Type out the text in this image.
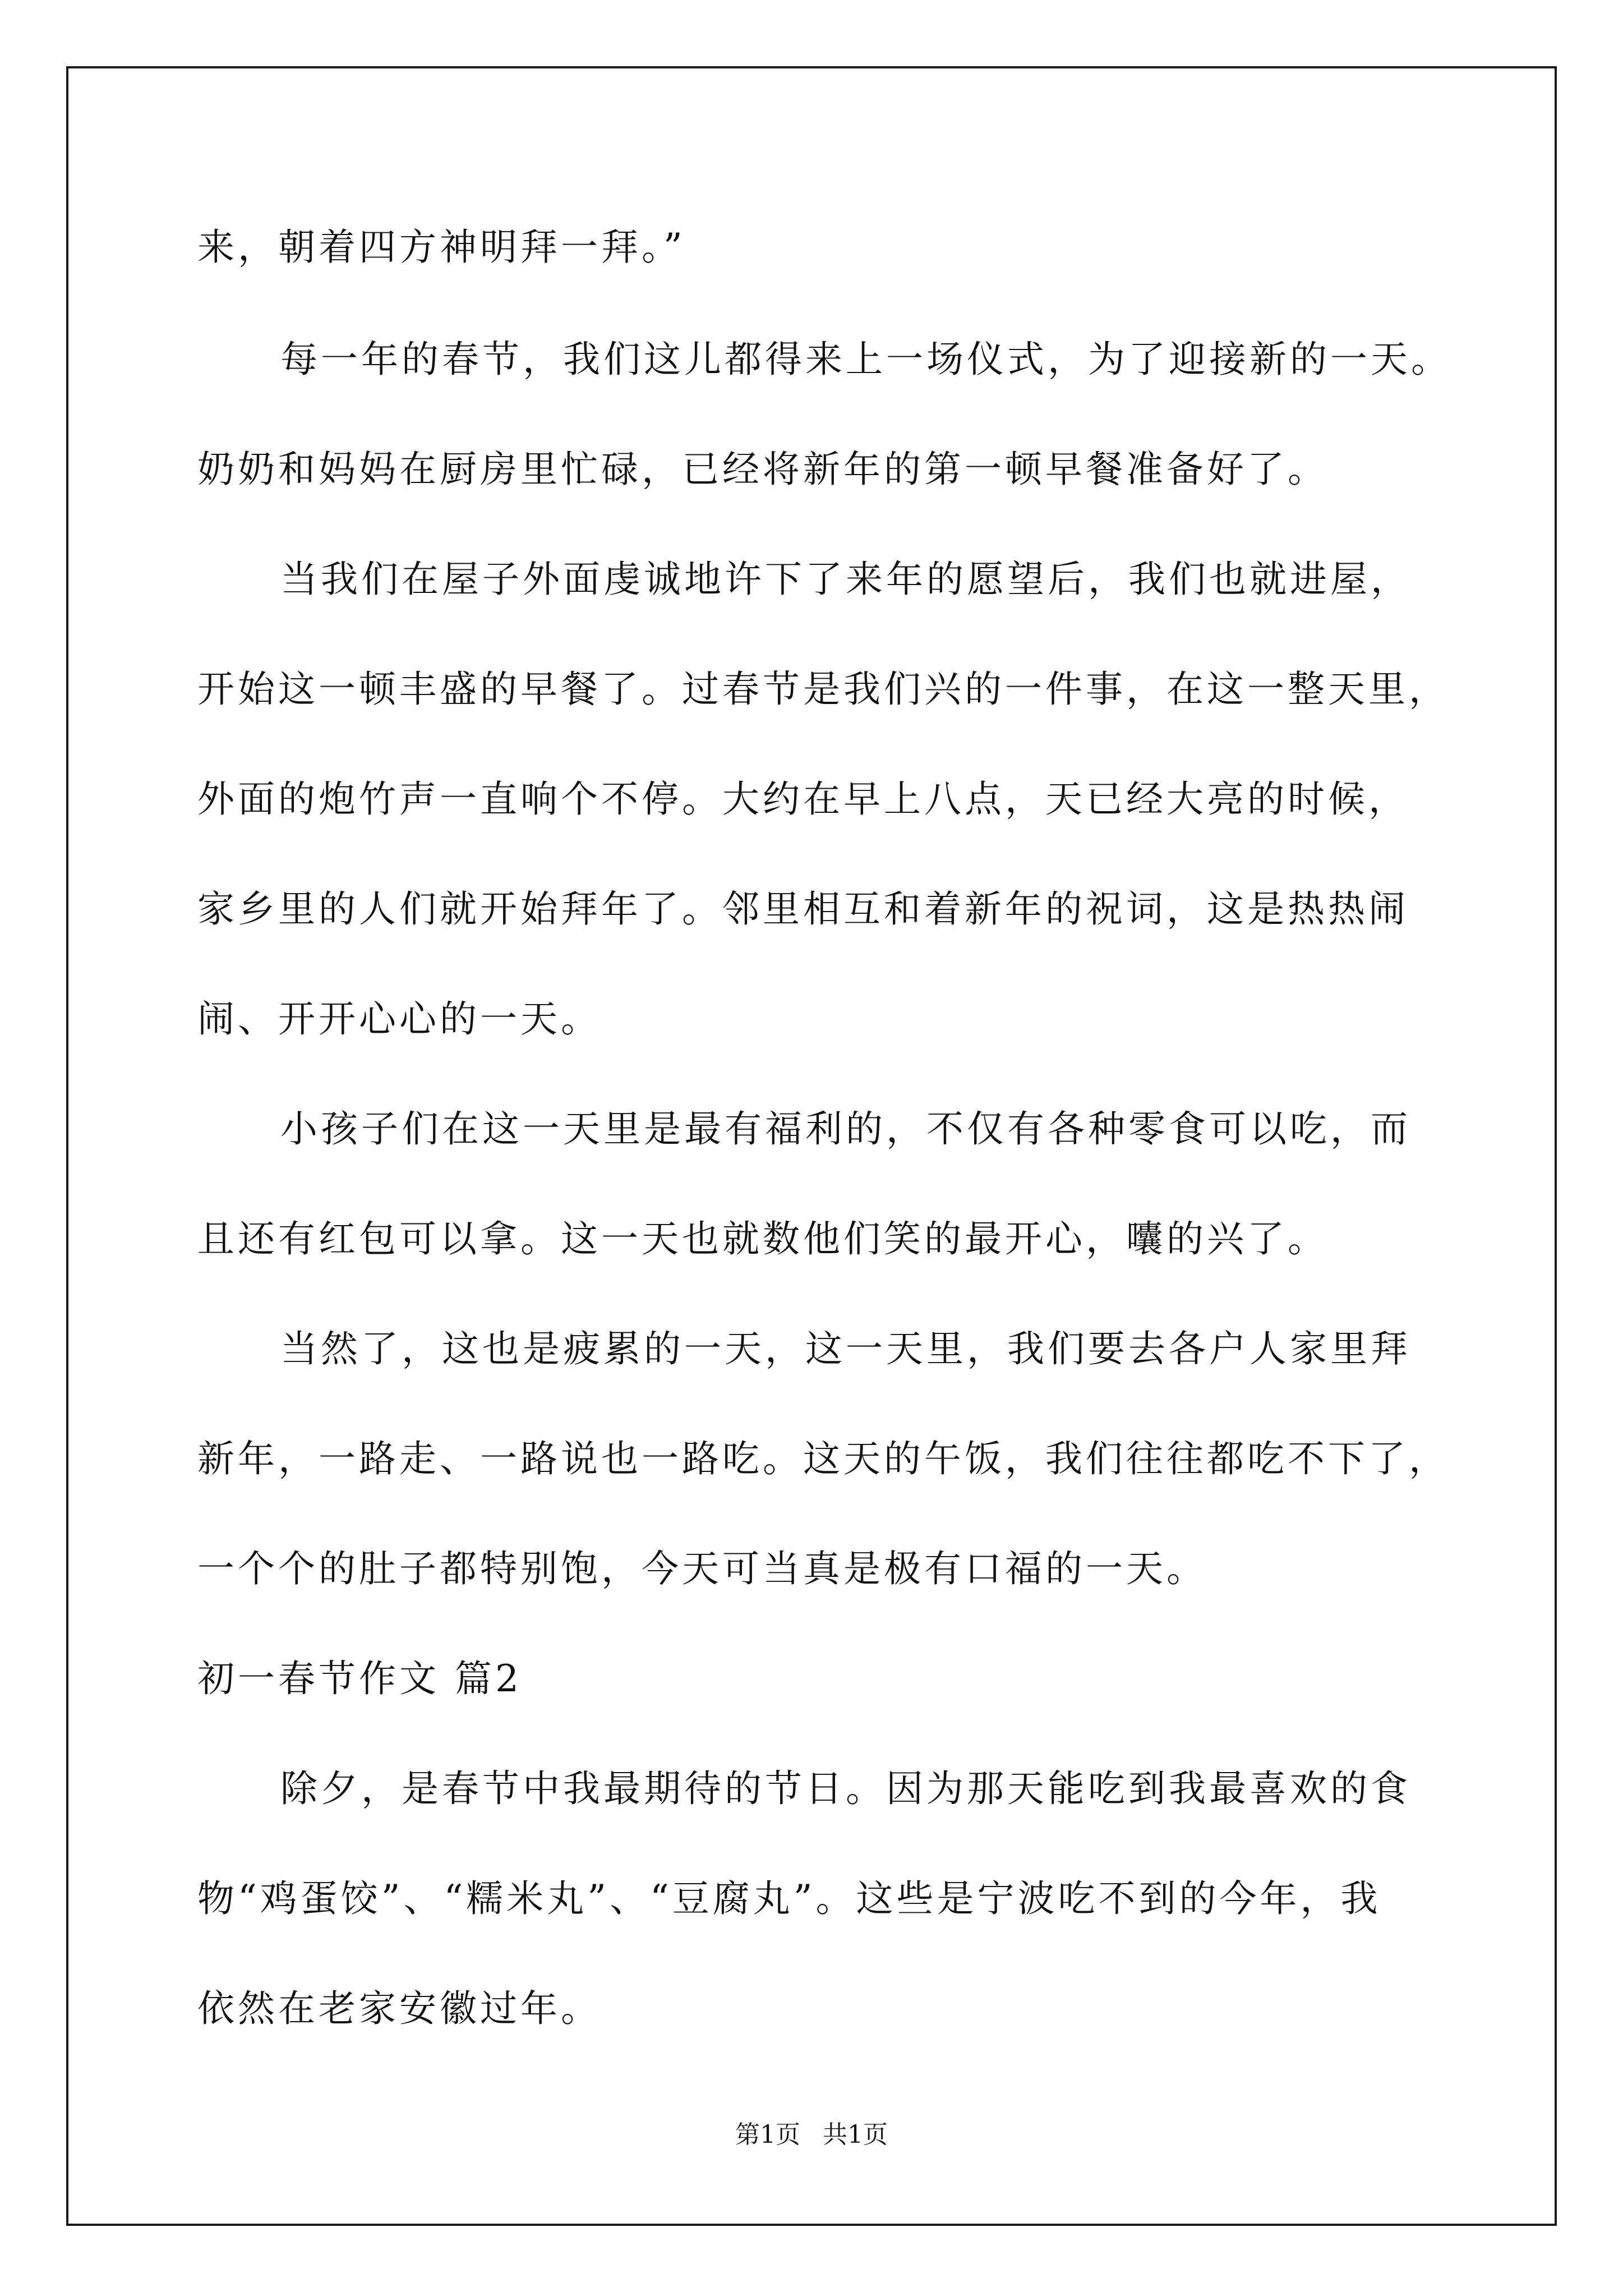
来，朝着四方神明拜一拜。”
每一年的春节，我们这儿都得来上一场仪式，为了迎接新的一天。
奶奶和妈妈在厨房里忙碌，已经将新年的第一顿早餐准备好了。
当我们在屋子外面虔诚地许下了来年的愿望后，我们也就进屋，
开始这一顿丰盛的早餐了。过春节是我们兴的一件事，在这一整天里，
外面的炮竹声一直响个不停。大约在早上八点，天已经大亮的时候，
家乡里的人们就开始拜年了。邻里相互和着新年的祝词，这是热热闹
闹、开开心心的一天。
小孩子们在这一天里是最有福利的，不仅有各种零食可以吃，而
且还有红包可以拿。这一天也就数他们笑的最开心，囔的兴了。
当然了，这也是疲累的一天，这一天里，我们要去各户人家里拜
新年，一路走、一路说也一路吃。这天的午饭，我们往往都吃不下了，
一个个的肚子都特别饱，今天可当真是极有口福的一天。
初一春节作文 篇2
除夕，是春节中我最期待的节日。因为那天能吃到我最喜欢的食
物“鸡蛋饺”、“糯米丸”、“豆腐丸”。这些是宁波吃不到的今年，我
依然在老家安徽过年。
第1页 共1页
